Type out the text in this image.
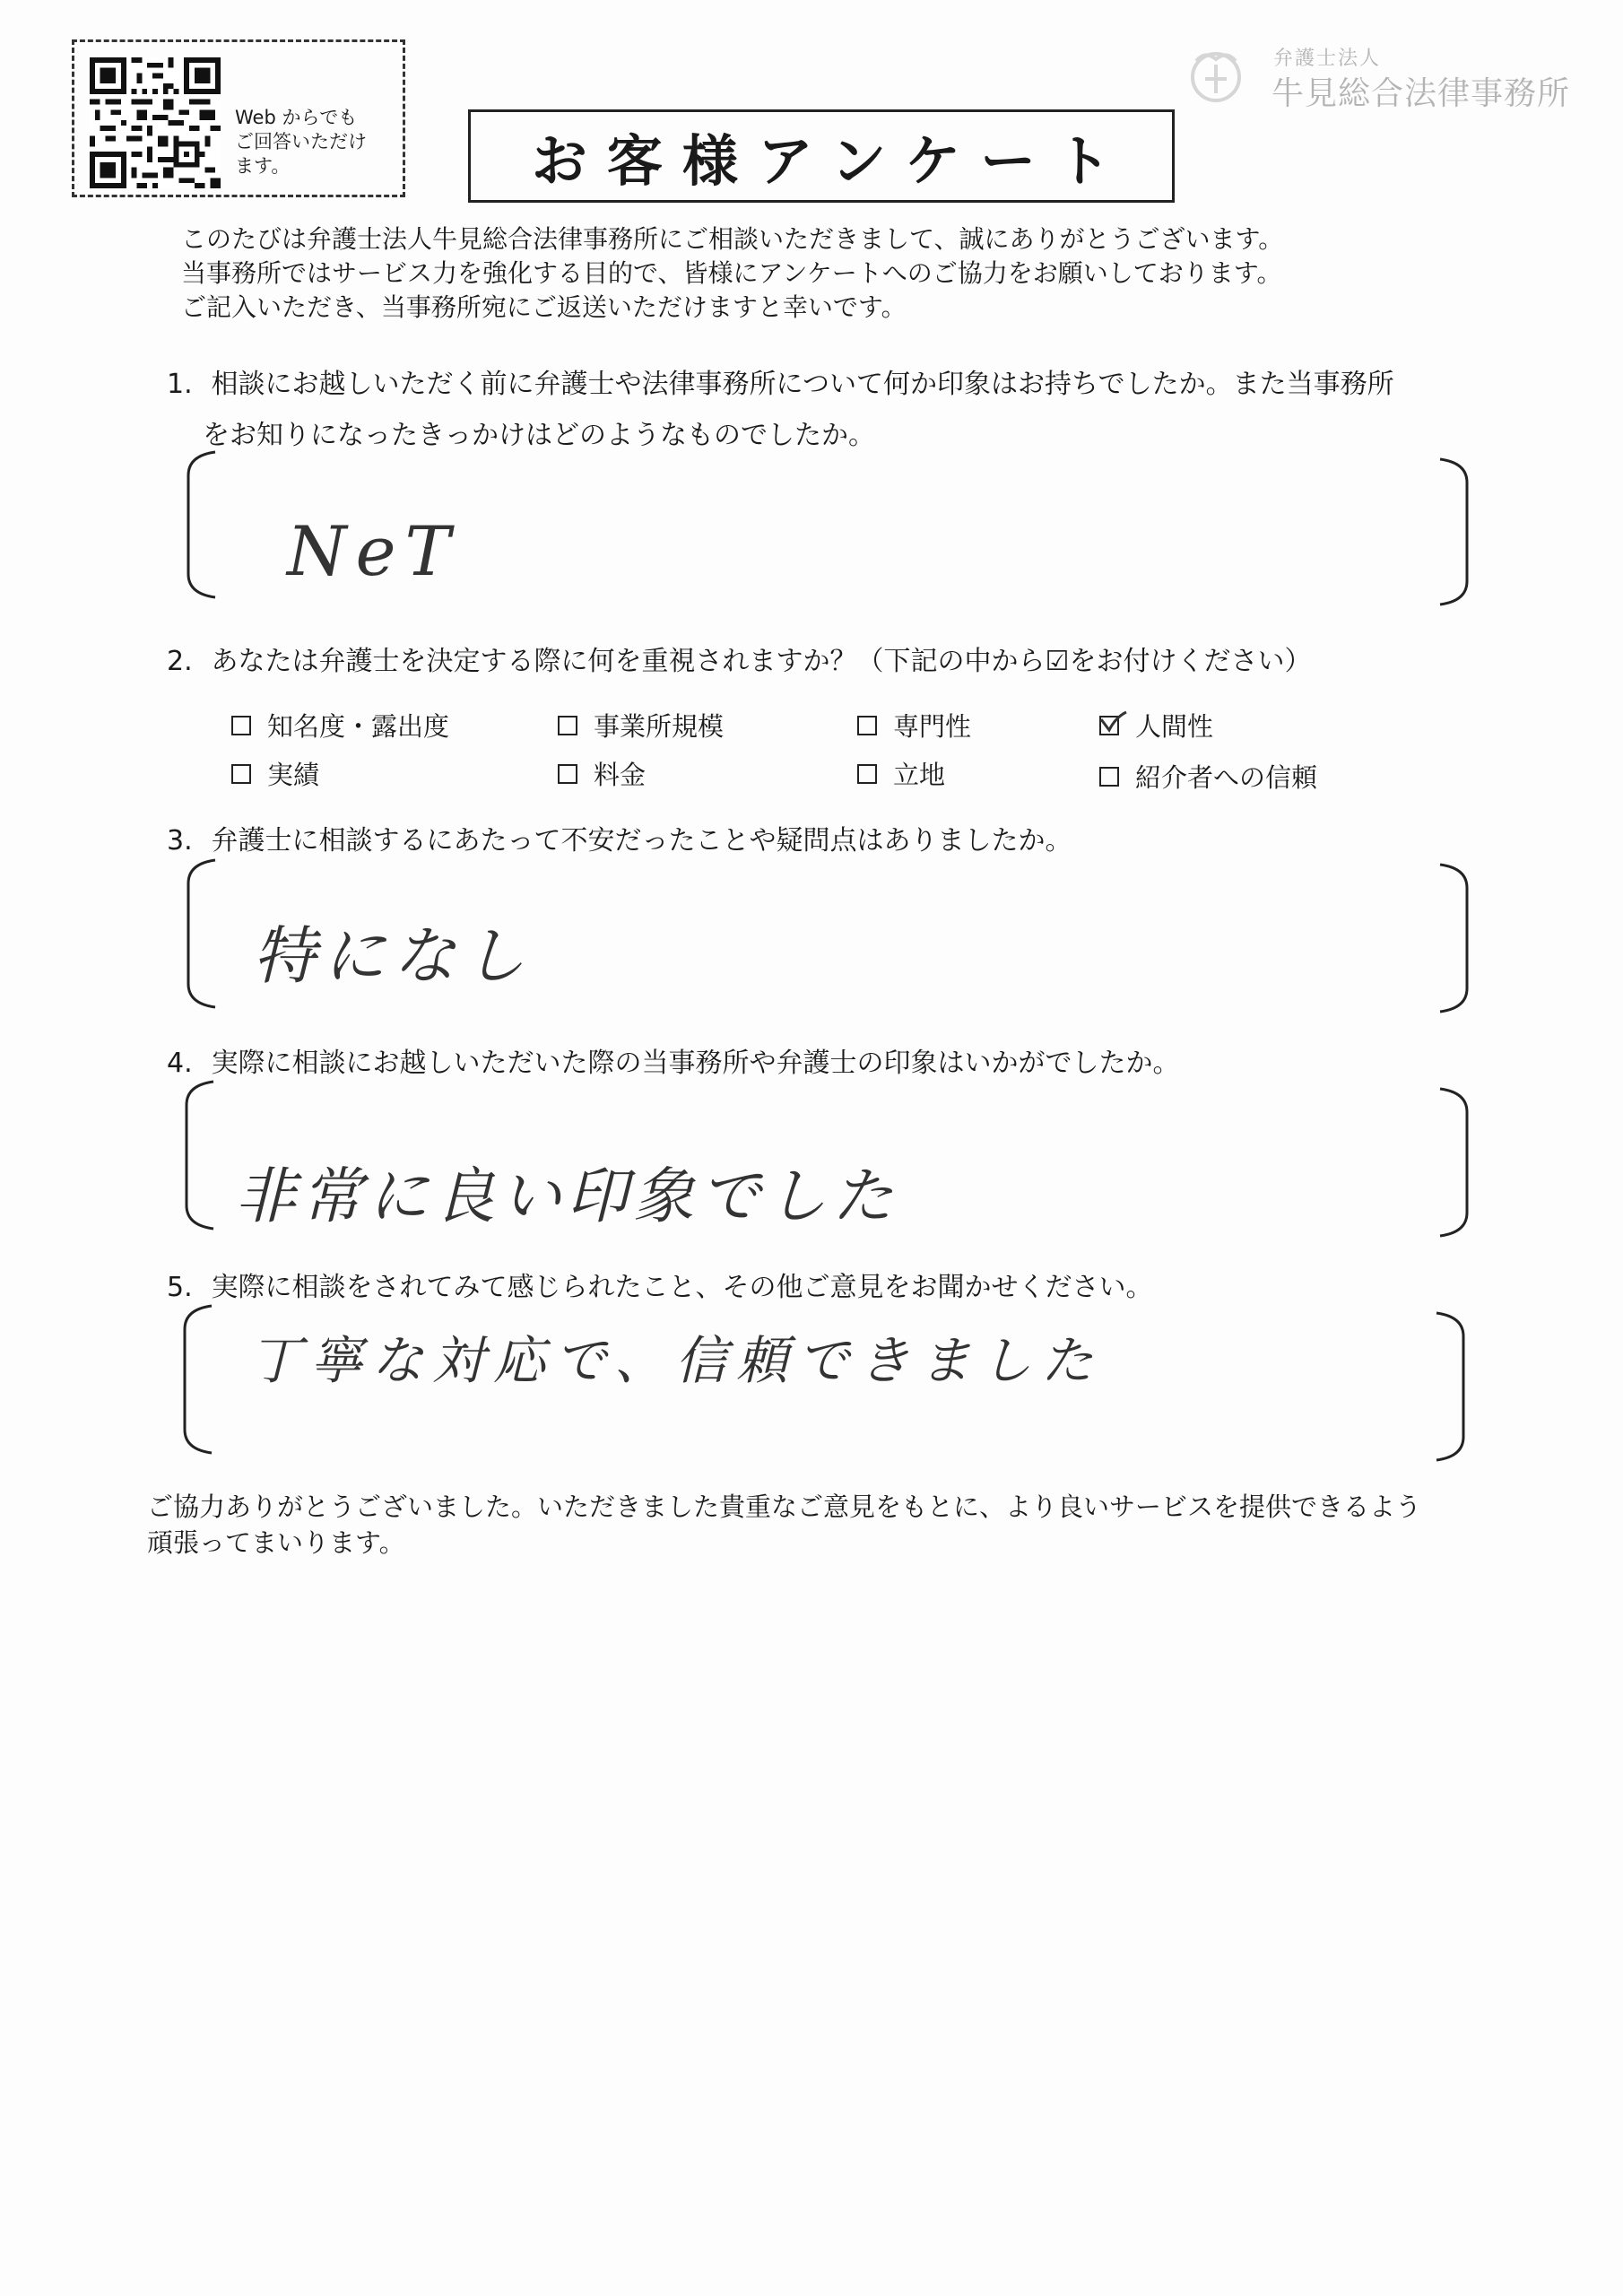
Web からでも
ご回答いただけ
ます。
弁護士法人
牛見総合法律事務所
お客様アンケート
このたびは弁護士法人牛見総合法律事務所にご相談いただきまして、誠にありがとうございます。
当事務所ではサービス力を強化する目的で、皆様にアンケートへのご協力をお願いしております。
ご記入いただき、当事務所宛にご返送いただけますと幸いです。
1. 相談にお越しいただく前に弁護士や法律事務所について何か印象はお持ちでしたか。また当事務所
をお知りになったきっかけはどのようなものでしたか。
NeT
2. あなたは弁護士を決定する際に何を重視されますか？（下記の中から☑をお付けください）
知名度・露出度	事業所規模	専門性	人間性
実績	料金	立地	紹介者への信頼
3. 弁護士に相談するにあたって不安だったことや疑問点はありましたか。
特になし
4. 実際に相談にお越しいただいた際の当事務所や弁護士の印象はいかがでしたか。
非常に良い印象でした
5. 実際に相談をされてみて感じられたこと、その他ご意見をお聞かせください。
丁寧な対応で、信頼できました
ご協力ありがとうございました。いただきました貴重なご意見をもとに、より良いサービスを提供できるよう
頑張ってまいります。
